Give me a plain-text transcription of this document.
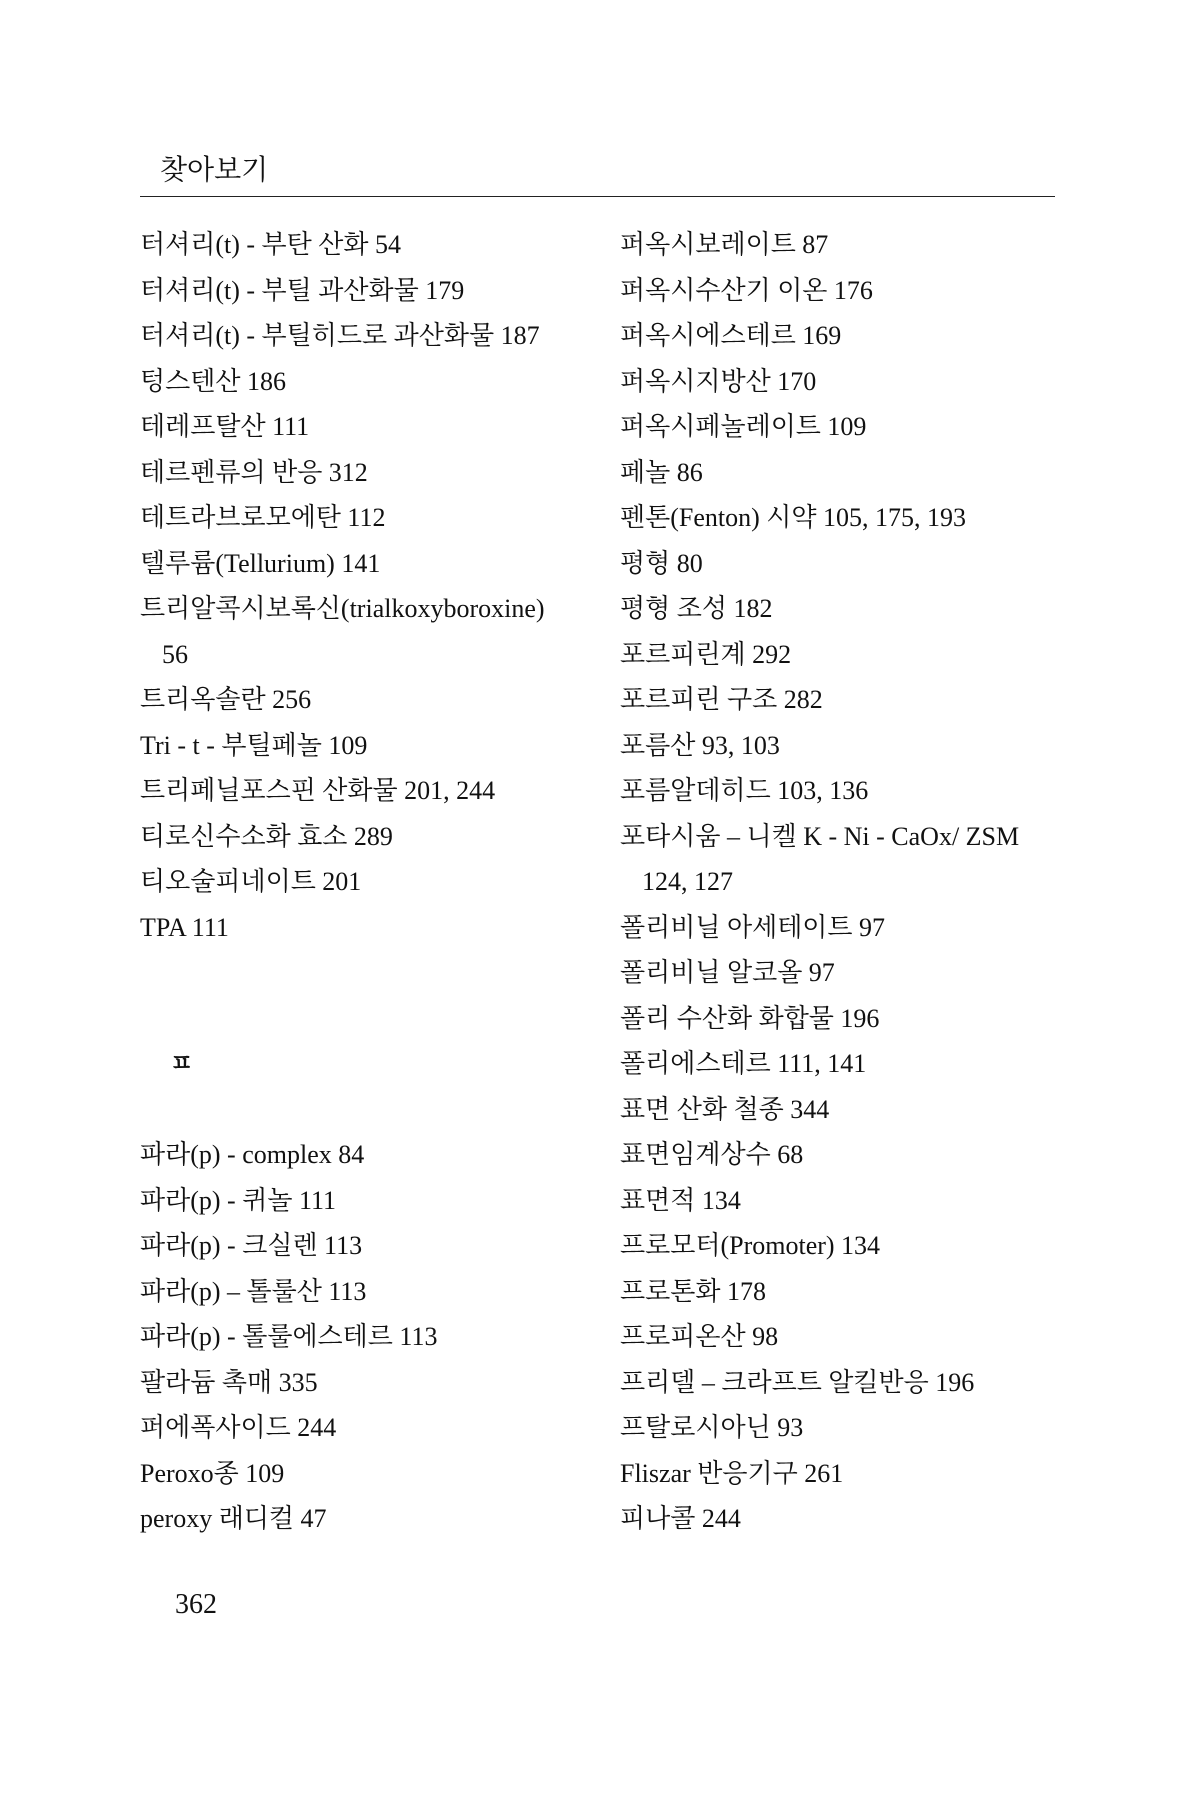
찾아보기
터셔리(t) - 부탄 산화 54
터셔리(t) - 부틸 과산화물 179
터셔리(t) - 부틸히드로 과산화물 187
텅스텐산 186
테레프탈산 111
테르펜류의 반응 312
테트라브로모에탄 112
텔루륨(Tellurium) 141
트리알콕시보록신(trialkoxyboroxine)
56
트리옥솔란 256
Tri - t - 부틸페놀 109
트리페닐포스핀 산화물 201, 244
티로신수소화 효소 289
티오술피네이트 201
TPA 111
ㅍ
파라(p) - complex 84
파라(p) - 퀴놀 111
파라(p) - 크실렌 113
파라(p) – 톨룰산 113
파라(p) - 톨룰에스테르 113
팔라듐 촉매 335
퍼에폭사이드 244
Peroxo종 109
peroxy 래디컬 47
퍼옥시보레이트 87
퍼옥시수산기 이온 176
퍼옥시에스테르 169
퍼옥시지방산 170
퍼옥시페놀레이트 109
페놀 86
펜톤(Fenton) 시약 105, 175, 193
평형 80
평형 조성 182
포르피린계 292
포르피린 구조 282
포름산 93, 103
포름알데히드 103, 136
포타시움 – 니켈 K - Ni - CaOx/ ZSM
124, 127
폴리비닐 아세테이트 97
폴리비닐 알코올 97
폴리 수산화 화합물 196
폴리에스테르 111, 141
표면 산화 철종 344
표면임계상수 68
표면적 134
프로모터(Promoter) 134
프로톤화 178
프로피온산 98
프리델 – 크라프트 알킬반응 196
프탈로시아닌 93
Fliszar 반응기구 261
피나콜 244
362
